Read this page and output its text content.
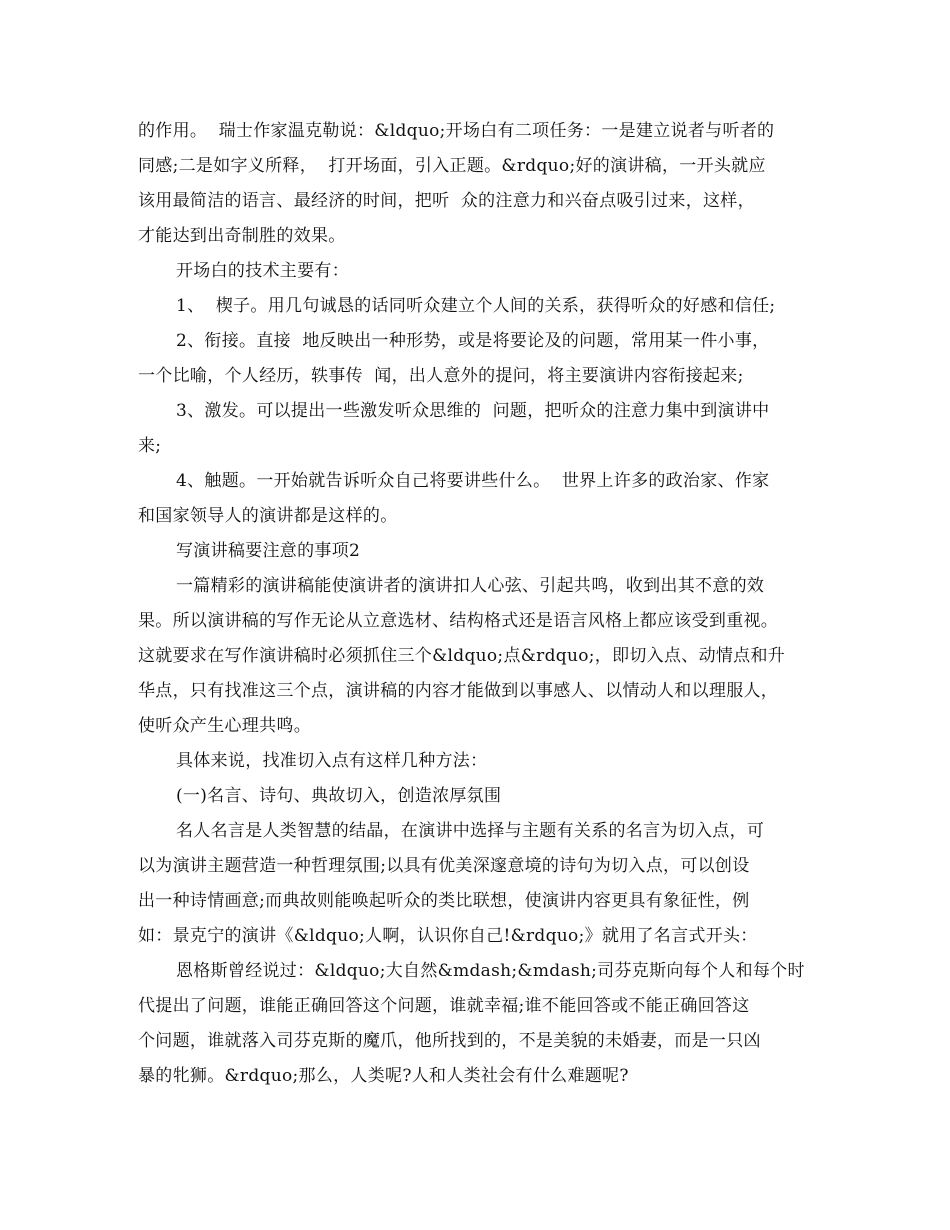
的作用。  瑞士作家温克勒说：&ldquo;开场白有二项任务：一是建立说者与听者的
同感;二是如字义所释，  打开场面，引入正题。&rdquo;好的演讲稿，一开头就应
该用最简洁的语言、最经济的时间，把听  众的注意力和兴奋点吸引过来，这样，
才能达到出奇制胜的效果。
开场白的技术主要有：
1、  楔子。用几句诚恳的话同听众建立个人间的关系，获得听众的好感和信任;
2、衔接。直接  地反映出一种形势，或是将要论及的问题，常用某一件小事，
一个比喻，个人经历，轶事传  闻，出人意外的提问，将主要演讲内容衔接起来;
3、激发。可以提出一些激发听众思维的  问题，把听众的注意力集中到演讲中
来;
4、触题。一开始就告诉听众自己将要讲些什么。  世界上许多的政治家、作家
和国家领导人的演讲都是这样的。
写演讲稿要注意的事项2
一篇精彩的演讲稿能使演讲者的演讲扣人心弦、引起共鸣，收到出其不意的效
果。所以演讲稿的写作无论从立意选材、结构格式还是语言风格上都应该受到重视。
这就要求在写作演讲稿时必须抓住三个&ldquo;点&rdquo;，即切入点、动情点和升
华点，只有找准这三个点，演讲稿的内容才能做到以事感人、以情动人和以理服人，
使听众产生心理共鸣。
具体来说，找准切入点有这样几种方法：
(一)名言、诗句、典故切入，创造浓厚氛围
名人名言是人类智慧的结晶，在演讲中选择与主题有关系的名言为切入点，可
以为演讲主题营造一种哲理氛围;以具有优美深邃意境的诗句为切入点，可以创设
出一种诗情画意;而典故则能唤起听众的类比联想，使演讲内容更具有象征性，例
如：景克宁的演讲《&ldquo;人啊，认识你自己!&rdquo;》就用了名言式开头：
恩格斯曾经说过：&ldquo;大自然&mdash;&mdash;司芬克斯向每个人和每个时
代提出了问题，谁能正确回答这个问题，谁就幸福;谁不能回答或不能正确回答这
个问题，谁就落入司芬克斯的魔爪，他所找到的，不是美貌的未婚妻，而是一只凶
暴的牝狮。&rdquo;那么，人类呢?人和人类社会有什么难题呢?
